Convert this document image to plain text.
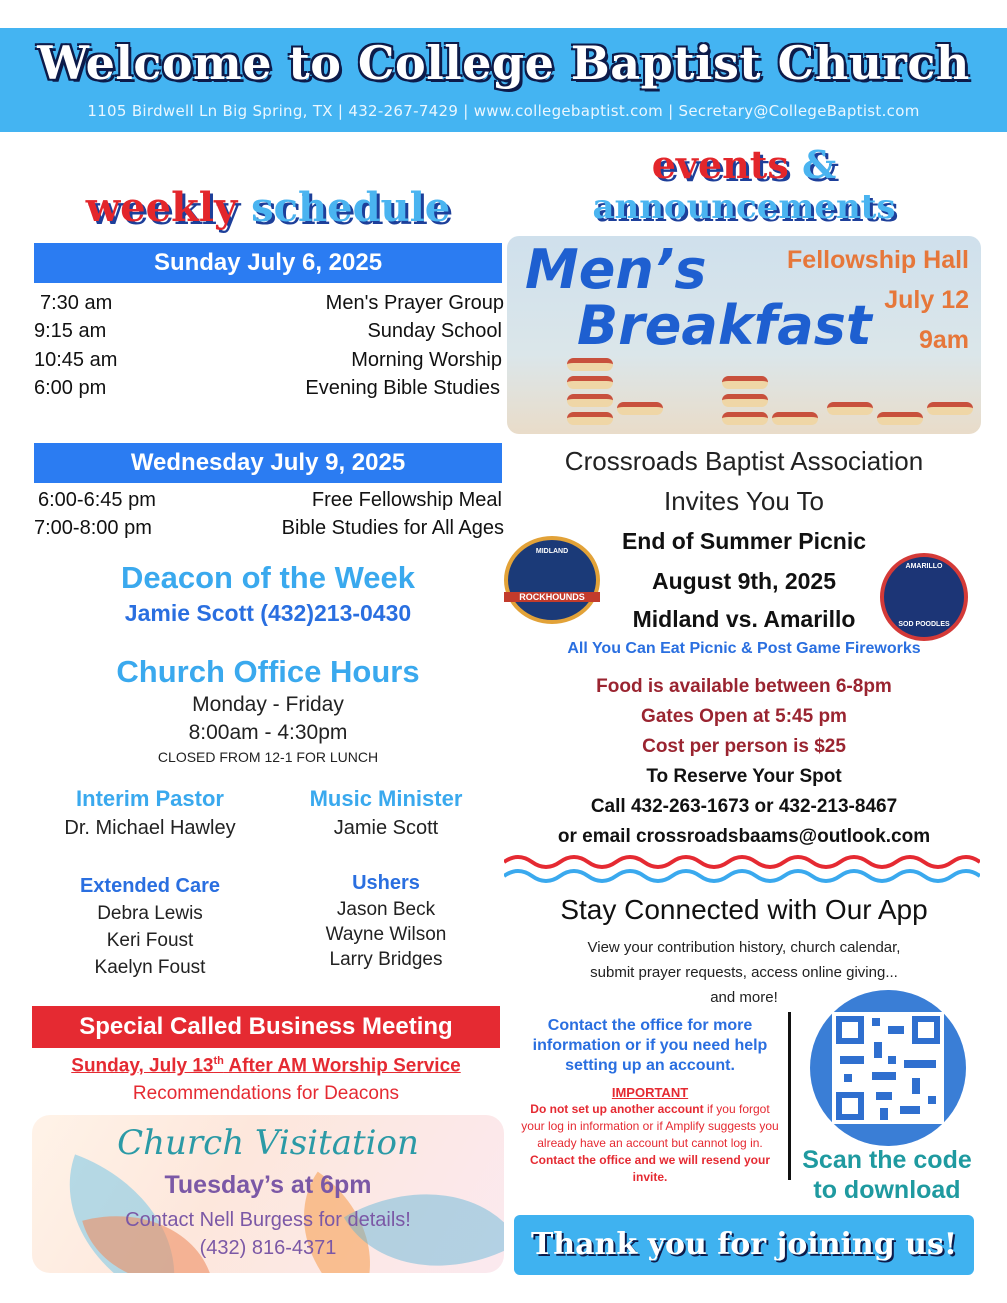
Welcome to College Baptist Church
1105 Birdwell Ln Big Spring, TX | 432-267-7429 | www.collegebaptist.com | Secretary@CollegeBaptist.com
weekly schedule
Sunday July 6, 2025
7:30 am	Men's Prayer Group
9:15 am	Sunday School
10:45 am	Morning Worship
6:00 pm	Evening Bible Studies
Wednesday July 9, 2025
6:00-6:45 pm	Free Fellowship Meal
7:00-8:00 pm	Bible Studies for All Ages
Deacon of the Week
Jamie Scott (432)213-0430
Church Office Hours
Monday - Friday
8:00am - 4:30pm
CLOSED FROM 12-1 FOR LUNCH
Interim Pastor
Dr. Michael Hawley
Music Minister
Jamie Scott
Extended Care
Debra Lewis
Keri Foust
Kaelyn Foust
Ushers
Jason Beck
Wayne Wilson
Larry Bridges
Special Called Business Meeting
Sunday, July 13th After AM Worship Service
Recommendations for Deacons
Church Visitation
Tuesday’s at 6pm
Contact Nell Burgess for details!
(432) 816-4371
events &
announcements
Men’s
Breakfast
Fellowship Hall
July 12
9am
Crossroads Baptist Association
Invites You To
End of Summer Picnic
August 9th, 2025
Midland vs. Amarillo
All You Can Eat Picnic & Post Game Fireworks
MIDLAND
ROCKHOUNDS
AMARILLO
SOD POODLES
Food is available between 6-8pm
Gates Open at 5:45 pm
Cost per person is $25
To Reserve Your Spot
Call 432-263-1673 or 432-213-8467
or email crossroadsbaams@outlook.com
Stay Connected with Our App
View your contribution history, church calendar,
submit prayer requests, access online giving...
and more!
Contact the office for more information or if you need help setting up an account.
IMPORTANT
Do not set up another account if you forgot your log in information or if Amplify suggests you already have an account but cannot log in. Contact the office and we will resend your invite.
Scan the code
to download
Thank you for joining us!
